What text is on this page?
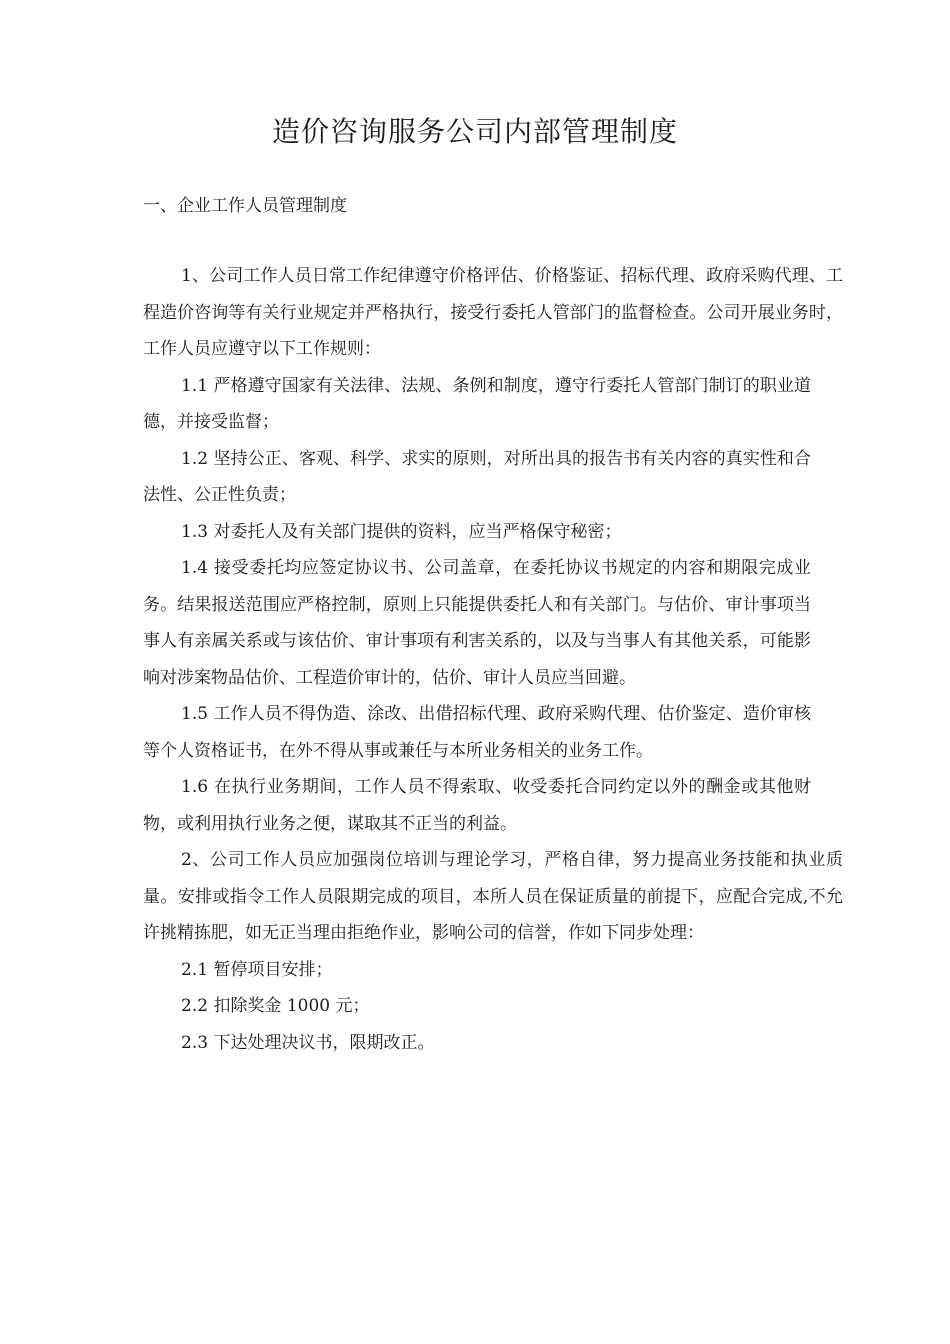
造价咨询服务公司内部管理制度
一、企业工作人员管理制度

1、公司工作人员日常工作纪律遵守价格评估、价格鉴证、招标代理、政府采购代理、工程造价咨询等有关行业规定并严格执行，接受行委托人管部门的监督检查。公司开展业务时，工作人员应遵守以下工作规则：

1.1 严格遵守国家有关法律、法规、条例和制度，遵守行委托人管部门制订的职业道德，并接受监督；

1.2 坚持公正、客观、科学、求实的原则，对所出具的报告书有关内容的真实性和合法性、公正性负责；

1.3 对委托人及有关部门提供的资料，应当严格保守秘密；

1.4 接受委托均应签定协议书、公司盖章，在委托协议书规定的内容和期限完成业务。结果报送范围应严格控制，原则上只能提供委托人和有关部门。与估价、审计事项当事人有亲属关系或与该估价、审计事项有利害关系的，以及与当事人有其他关系，可能影响对涉案物品估价、工程造价审计的，估价、审计人员应当回避。

1.5 工作人员不得伪造、涂改、出借招标代理、政府采购代理、估价鉴定、造价审核等个人资格证书，在外不得从事或兼任与本所业务相关的业务工作。

1.6 在执行业务期间，工作人员不得索取、收受委托合同约定以外的酬金或其他财物，或利用执行业务之便，谋取其不正当的利益。

2、公司工作人员应加强岗位培训与理论学习，严格自律，努力提高业务技能和执业质量。安排或指令工作人员限期完成的项目，本所人员在保证质量的前提下，应配合完成,不允许挑精拣肥，如无正当理由拒绝作业，影响公司的信誉，作如下同步处理：

2.1 暂停项目安排；

2.2 扣除奖金 1000 元；

2.3 下达处理决议书，限期改正。
